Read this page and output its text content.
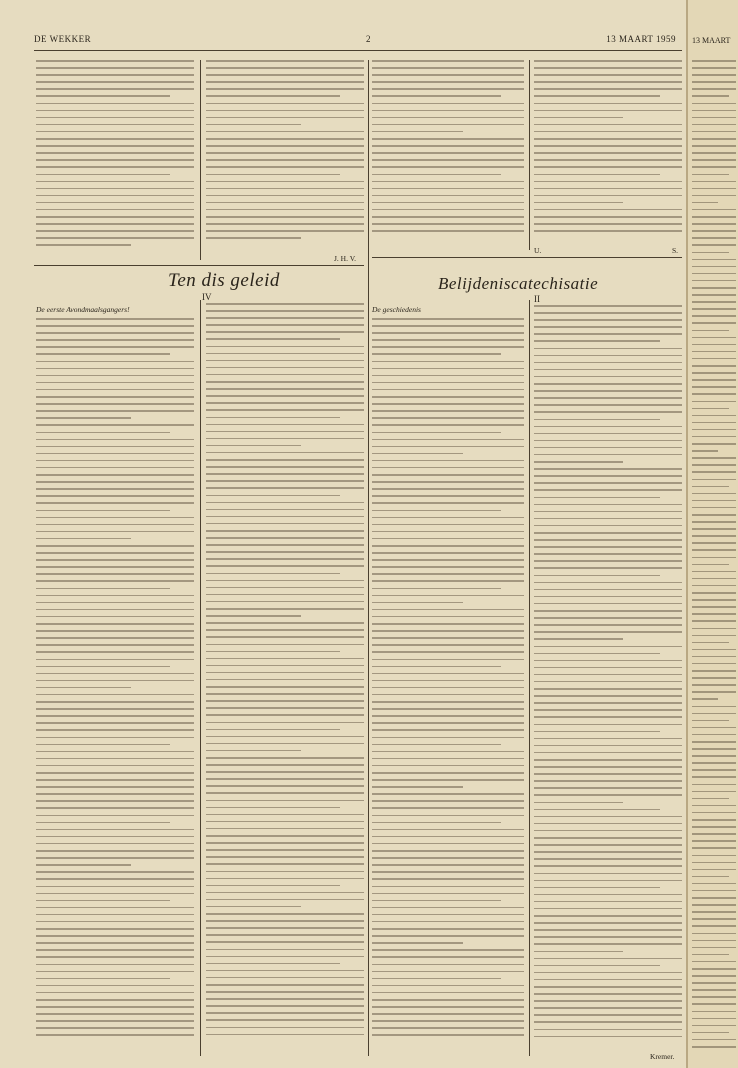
DE WEKKER	2	13 MAART 1959
J. H. V.
U.	S.
Ten dis geleid
IV
De eerste Avondmaalsgangers!
Belijdeniscatechisatie
II
De geschiedenis
Kremer.
13 MAART
